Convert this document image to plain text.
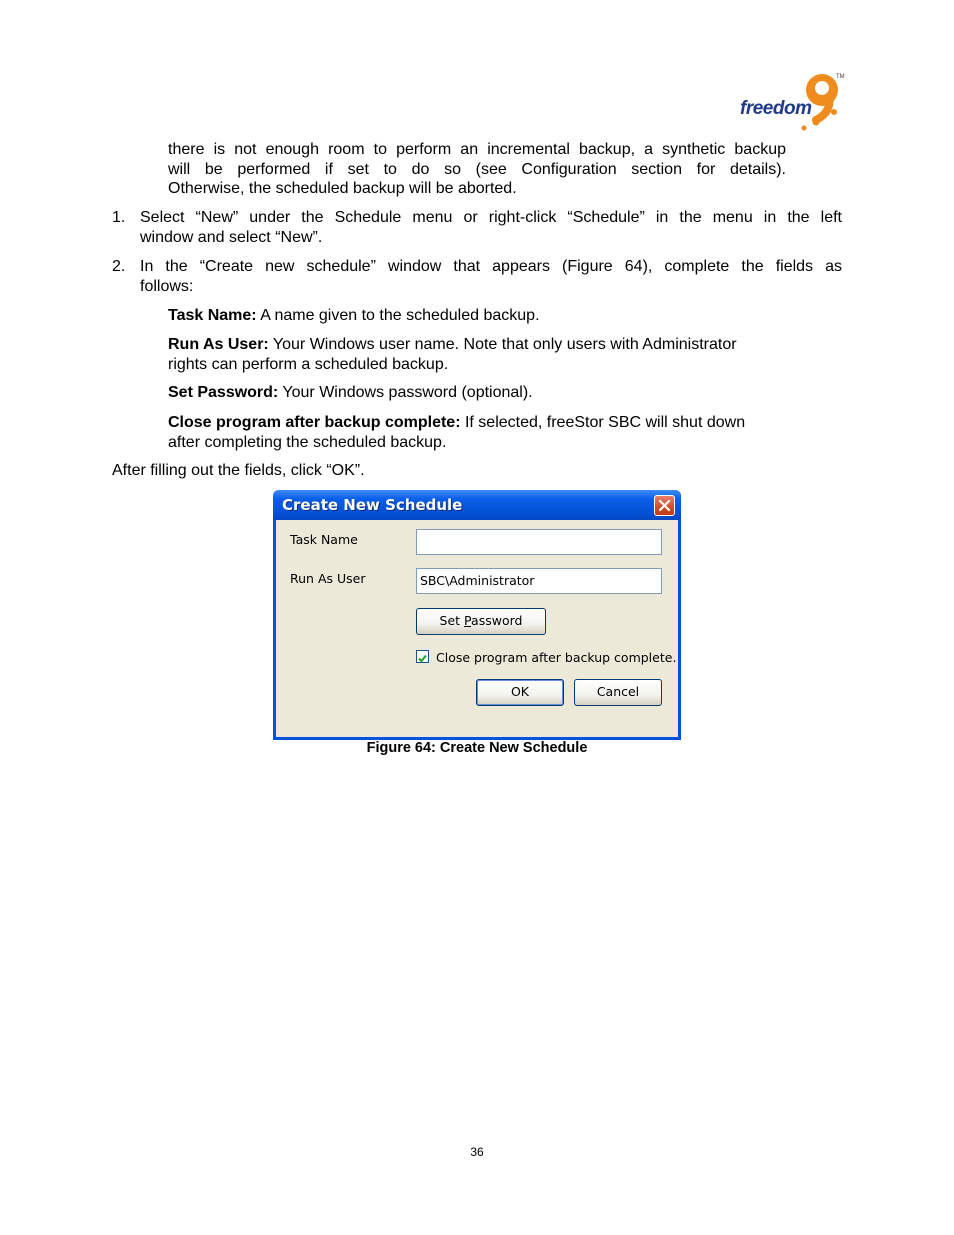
freedom
TM
there is not enough room to perform an incremental backup, a synthetic backup
will be performed if set to do so (see Configuration section for details).
Otherwise, the scheduled backup will be aborted.
1. Select “New” under the Schedule menu or right-click “Schedule” in the menu in the left
window and select “New”.
2. In the “Create new schedule” window that appears (Figure 64), complete the fields as
follows:
Task Name: A name given to the scheduled backup.
Run As User: Your Windows user name. Note that only users with Administrator
rights can perform a scheduled backup.
Set Password: Your Windows password (optional).
Close program after backup complete: If selected, freeStor SBC will shut down
after completing the scheduled backup.
After filling out the fields, click “OK”.
Create New Schedule
Task Name
Run As User	SBC\Administrator
Set Password
Close program after backup complete.
OK	Cancel
Figure 64: Create New Schedule
36
